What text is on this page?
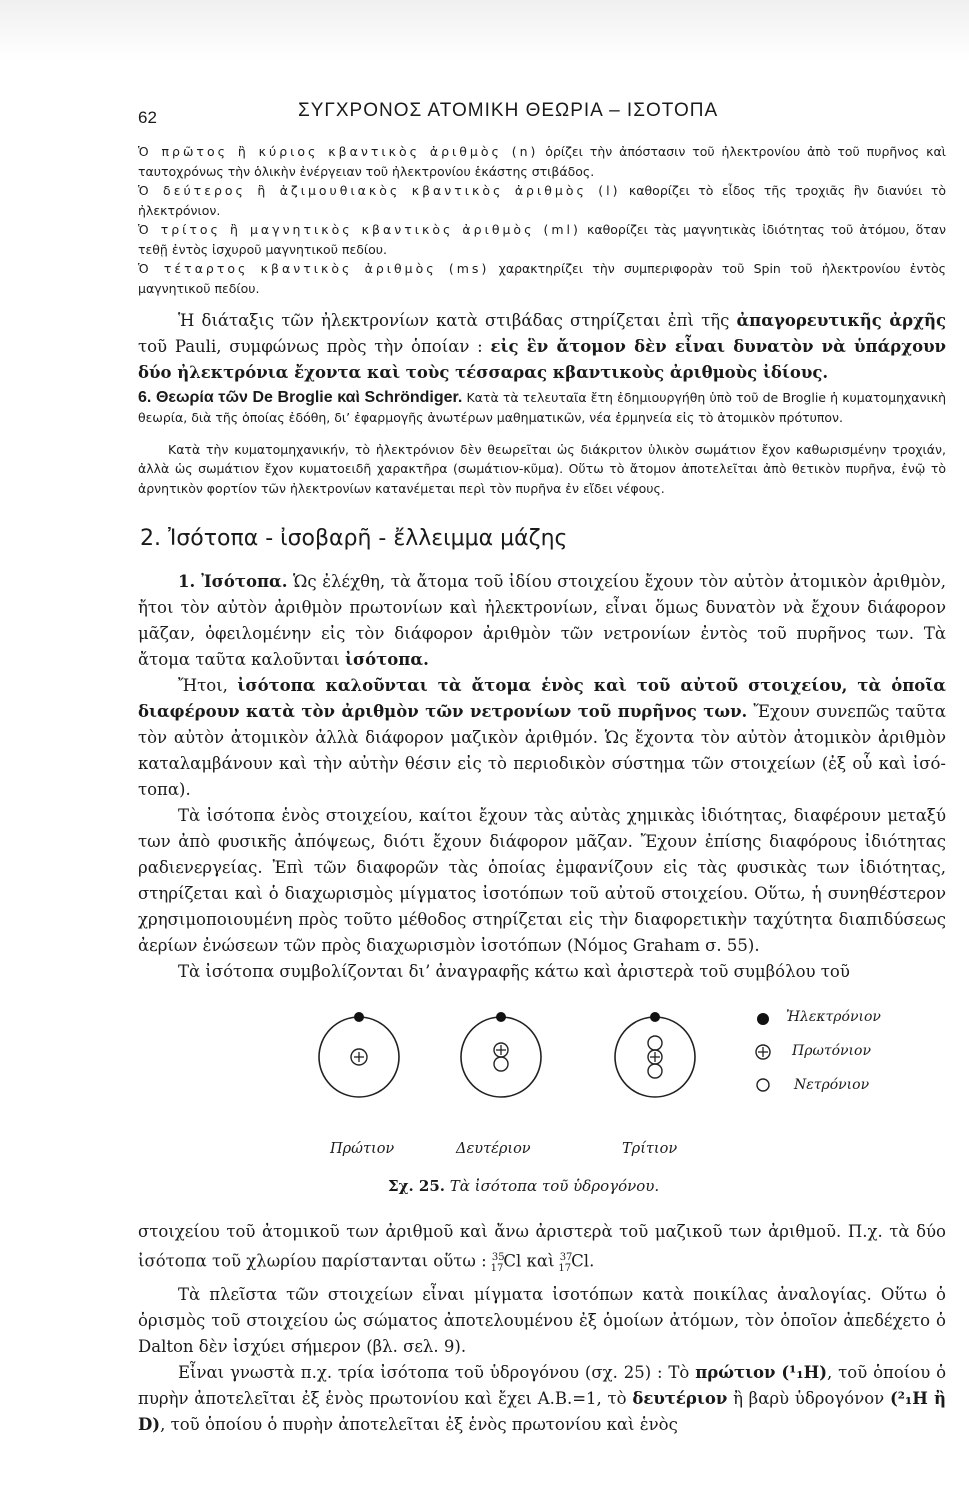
62	ΣΥΓΧΡΟΝΟΣ ΑΤΟΜΙΚΗ ΘΕΩΡΙΑ – ΙΣΟΤΟΠΑ

Ὁ πρῶτος ἢ κύριος κβαντικὸς ἀριθμὸς (n) ὁρίζει τὴν ἀπόστασιν τοῦ ἠλεκτρονίου ἀπὸ τοῦ πυρῆνος καὶ ταυτοχρόνως τὴν ὁλικὴν ἐνέργειαν τοῦ ἠλεκτρονίου ἑκάστης στιβάδος.

Ὁ δεύτερος ἢ ἀζιμουθιακὸς κβαντικὸς ἀριθμὸς (l) καθορίζει τὸ εἶδος τῆς τροχιᾶς ἣν διανύει τὸ ἠλεκτρόνιον.

Ὁ τρίτος ἢ μαγνητικὸς κβαντικὸς ἀριθμὸς (ml) καθορίζει τὰς μαγνητικὰς ἰδιότητας τοῦ ἀτόμου, ὅταν τεθῇ ἐντὸς ἰσχυροῦ μαγνητικοῦ πεδίου.

Ὁ τέταρτος κβαντικὸς ἀριθμὸς (ms) χαρακτηρίζει τὴν συμπεριφορὰν τοῦ Spin τοῦ ἠλεκτρονίου ἐντὸς μαγνητικοῦ πεδίου.

Ἡ διάταξις τῶν ἠλεκτρονίων κατὰ στιβάδας στηρίζεται ἐπὶ τῆς ἀπαγορευτικῆς ἀρχῆς τοῦ Pauli, συμφώνως πρὸς τὴν ὁποίαν : εἰς ἓν ἄτομον δὲν εἶναι δυνατὸν νὰ ὑπάρχουν δύο ἠλεκτρόνια ἔχοντα καὶ τοὺς τέσσαρας κβαντικοὺς ἀριθμοὺς ἰδίους.

6. Θεωρία τῶν De Broglie καὶ Schröndiger. Κατὰ τὰ τελευταῖα ἔτη ἐδημιουργήθη ὑπὸ τοῦ de Broglie ἡ κυματομηχανικὴ θεωρία, διὰ τῆς ὁποίας ἐδόθη, δι’ ἐφαρμογῆς ἀνωτέρων μαθηματικῶν, νέα ἑρμηνεία εἰς τὸ ἀτομικὸν πρότυπον.

Κατὰ τὴν κυματομηχανικήν, τὸ ἠλεκτρόνιον δὲν θεωρεῖται ὡς διάκριτον ὑλικὸν σωμάτιον ἔχον καθωρισμένην τροχιάν, ἀλλὰ ὡς σωμάτιον ἔχον κυματοειδῆ χαρακτῆρα (σωμάτιον-κῦμα). Οὕτω τὸ ἄτομον ἀποτελεῖται ἀπὸ θετικὸν πυρῆνα, ἐνῷ τὸ ἀρνητικὸν φορτίον τῶν ἠλεκτρονίων κατανέμεται περὶ τὸν πυρῆνα ἐν εἴδει νέφους.

2. Ἰσότοπα - ἰσοβαρῆ - ἔλλειμμα μάζης

1. Ἰσότοπα. Ὡς ἐλέχθη, τὰ ἄτομα τοῦ ἰδίου στοιχείου ἔχουν τὸν αὐτὸν ἀτομικὸν ἀριθμὸν, ἤτοι τὸν αὐτὸν ἀριθμὸν πρωτονίων καὶ ἠλεκτρονίων, εἶναι ὅμως δυνατὸν νὰ ἔχουν διάφορον μᾶζαν, ὀφειλομένην εἰς τὸν διάφορον ἀριθμὸν τῶν νετρονίων ἐντὸς τοῦ πυρῆνος των. Τὰ ἄτομα ταῦτα καλοῦνται ἰσότοπα.

Ἤτοι, ἰσότοπα καλοῦνται τὰ ἄτομα ἑνὸς καὶ τοῦ αὐτοῦ στοιχείου, τὰ ὁποῖα διαφέρουν κατὰ τὸν ἀριθμὸν τῶν νετρονίων τοῦ πυρῆνος των. Ἔχουν συνεπῶς ταῦτα τὸν αὐτὸν ἀτομικὸν ἀλλὰ διάφορον μαζικὸν ἀριθμόν. Ὡς ἔχοντα τὸν αὐτὸν ἀτομικὸν ἀριθμὸν καταλαμβάνουν καὶ τὴν αὐτὴν θέσιν εἰς τὸ περιοδικὸν σύστημα τῶν στοιχείων (ἐξ οὗ καὶ ἰσό-τοπα).

Τὰ ἰσότοπα ἑνὸς στοιχείου, καίτοι ἔχουν τὰς αὐτὰς χημικὰς ἰδιότητας, διαφέρουν μεταξύ των ἀπὸ φυσικῆς ἀπόψεως, διότι ἔχουν διάφορον μᾶζαν. Ἔχουν ἐπίσης διαφόρους ἰδιότητας ραδιενεργείας. Ἐπὶ τῶν διαφορῶν τὰς ὁποίας ἐμφανίζουν εἰς τὰς φυσικὰς των ἰδιότητας, στηρίζεται καὶ ὁ διαχωρισμὸς μίγματος ἰσοτόπων τοῦ αὐτοῦ στοιχείου. Οὕτω, ἡ συνηθέστερον χρησιμοποιουμένη πρὸς τοῦτο μέθοδος στηρίζεται εἰς τὴν διαφορετικὴν ταχύτητα διαπιδύσεως ἀερίων ἐνώσεων τῶν πρὸς διαχωρισμὸν ἰσοτόπων (Νόμος Graham σ. 55).

Τὰ ἰσότοπα συμβολίζονται δι’ ἀναγραφῆς κάτω καὶ ἀριστερὰ τοῦ συμβόλου τοῦ

Πρώτιον	Δευτέριον	Τρίτιον
Ἠλεκτρόνιον
Πρωτόνιον
Νετρόνιον
Σχ. 25. Τὰ ἰσότοπα τοῦ ὑδρογόνου.

στοιχείου τοῦ ἀτομικοῦ των ἀριθμοῦ καὶ ἄνω ἀριστερὰ τοῦ μαζικοῦ των ἀριθμοῦ. Π.χ. τὰ δύο ἰσότοπα τοῦ χλωρίου παρίστανται οὕτω : $^{35}_{17}$Cl καὶ $^{37}_{17}$Cl.

Τὰ πλεῖστα τῶν στοιχείων εἶναι μίγματα ἰσοτόπων κατὰ ποικίλας ἀναλογίας. Οὕτω ὁ ὁρισμὸς τοῦ στοιχείου ὡς σώματος ἀποτελουμένου ἐξ ὁμοίων ἀτόμων, τὸν ὁποῖον ἀπεδέχετο ὁ Dalton δὲν ἰσχύει σήμερον (βλ. σελ. 9).

Εἶναι γνωστὰ π.χ. τρία ἰσότοπα τοῦ ὑδρογόνου (σχ. 25) : Τὸ πρώτιον (¹₁H), τοῦ ὁποίου ὁ πυρὴν ἀποτελεῖται ἐξ ἑνὸς πρωτονίου καὶ ἔχει Α.Β.=1, τὸ δευτέριον ἢ βαρὺ ὑδρογόνον (²₁H ἢ D), τοῦ ὁποίου ὁ πυρὴν ἀποτελεῖται ἐξ ἑνὸς πρωτονίου καὶ ἑνὸς
